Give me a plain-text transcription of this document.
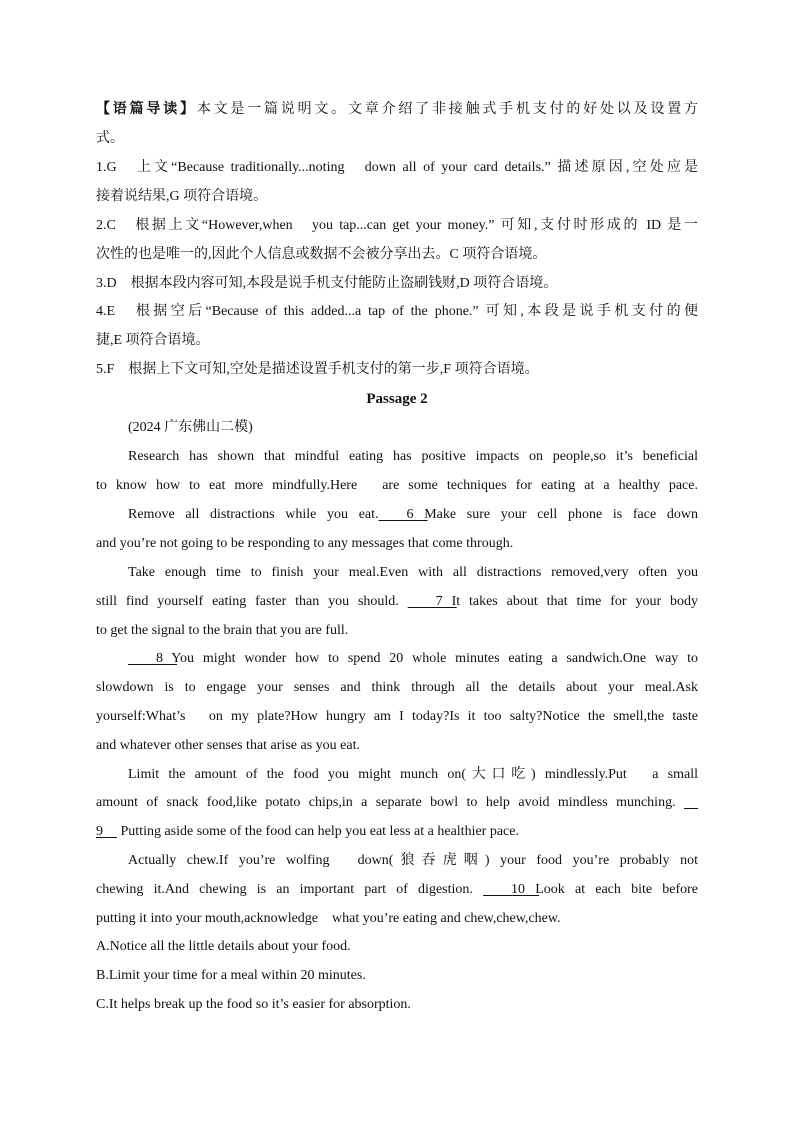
【语篇导读】本文是一篇说明文。文章介绍了非接触式手机支付的好处以及设置方
式。
1.G　上文“Because traditionally...noting　down all of your card details.” 描述原因,空处应是
接着说结果,G 项符合语境。
2.C　根据上文“However,when　you tap...can get your money.” 可知,支付时形成的 ID 是一
次性的也是唯一的,因此个人信息或数据不会被分享出去。C 项符合语境。
3.D　根据本段内容可知,本段是说手机支付能防止盗刷钱财,D 项符合语境。
4.E　根据空后“Because of this added...a tap of the phone.” 可知,本段是说手机支付的便
捷,E 项符合语境。
5.F　根据上下文可知,空处是描述设置手机支付的第一步,F 项符合语境。
Passage 2
(2024 广东佛山二模)
Research has shown that mindful eating has positive impacts on people,so it’s beneficial
to know how to eat more mindfully.Here　are some techniques for eating at a healthy pace.
Remove all distractions while you eat.　6　 Make sure your cell phone is face down
and you’re not going to be responding to any messages that come through.
Take enough time to finish your meal.Even with all distractions removed,very often you
still find yourself eating faster than you should. 　7　 It takes about that time for your body
to get the signal to the brain that you are full.
　8　 You might wonder how to spend 20 whole minutes eating a sandwich.One way to
slowdown is to engage your senses and think through all the details about your meal.Ask
yourself:What’s　on my plate?How hungry am I today?Is it too salty?Notice the smell,the taste
and whatever other senses that arise as you eat.
Limit the amount of the food you might munch on(大口吃) mindlessly.Put　a small
amount of snack food,like potato chips,in a separate bowl to help avoid mindless munching. 　
9　 Putting aside some of the food can help you eat less at a healthier pace.
Actually chew.If you’re wolfing　down(狼吞虎咽) your food you’re probably not
chewing it.And chewing is an important part of digestion. 　10　 Look at each bite before
putting it into your mouth,acknowledge　what you’re eating and chew,chew,chew.
A.Notice all the little details about your food.
B.Limit your time for a meal within 20 minutes.
C.It helps break up the food so it’s easier for absorption.
